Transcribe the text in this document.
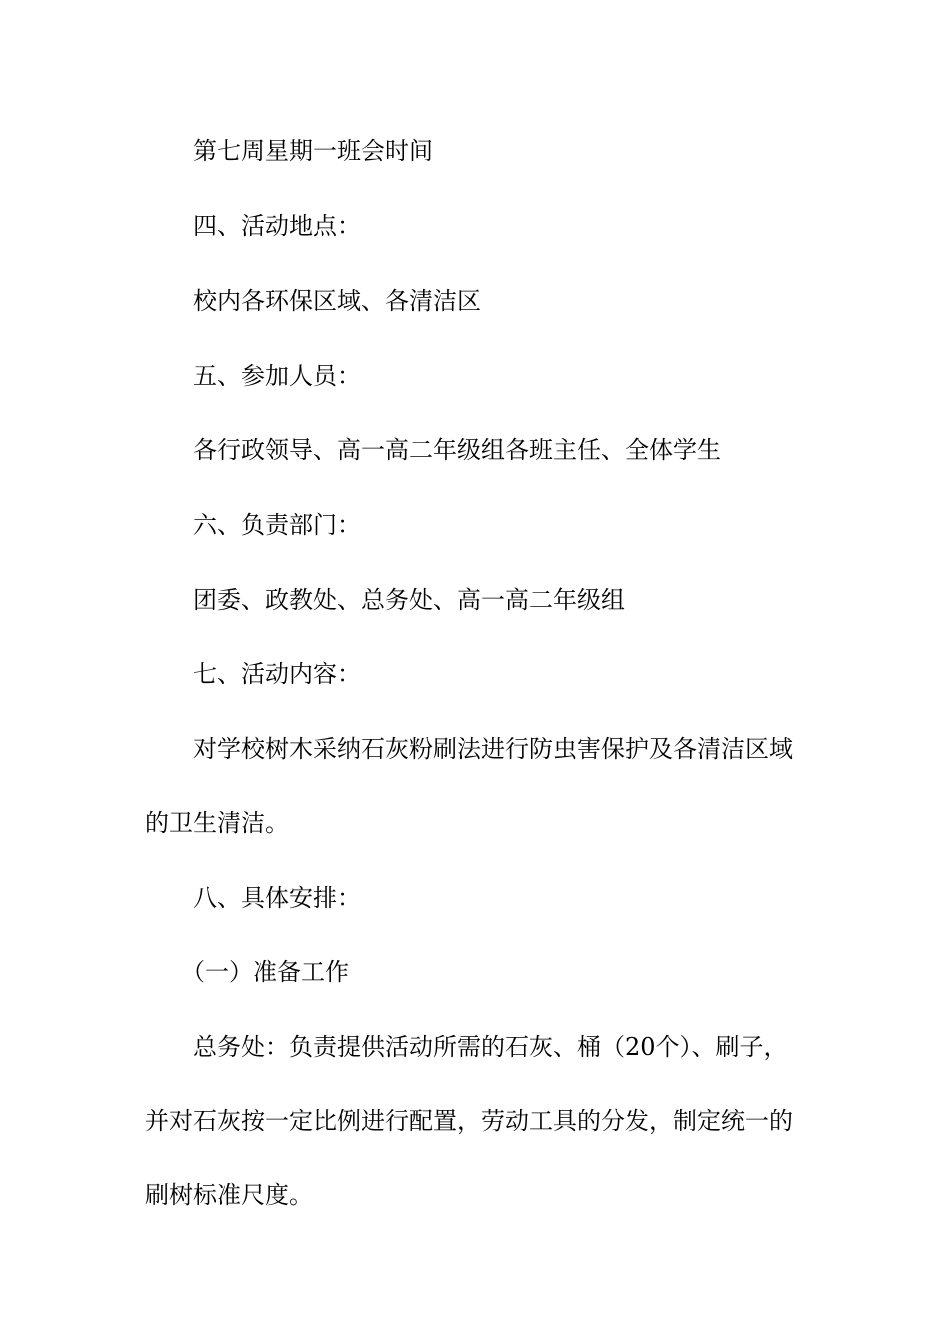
第七周星期一班会时间

四、活动地点：

校内各环保区域、各清洁区

五、参加人员：

各行政领导、高一高二年级组各班主任、全体学生

六、负责部门：

团委、政教处、总务处、高一高二年级组

七、活动内容：

对学校树木采纳石灰粉刷法进行防虫害保护及各清洁区域的卫生清洁。

八、具体安排：

（一）准备工作

总务处：负责提供活动所需的石灰、桶（20个）、刷子，并对石灰按一定比例进行配置，劳动工具的分发，制定统一的刷树标准尺度。
